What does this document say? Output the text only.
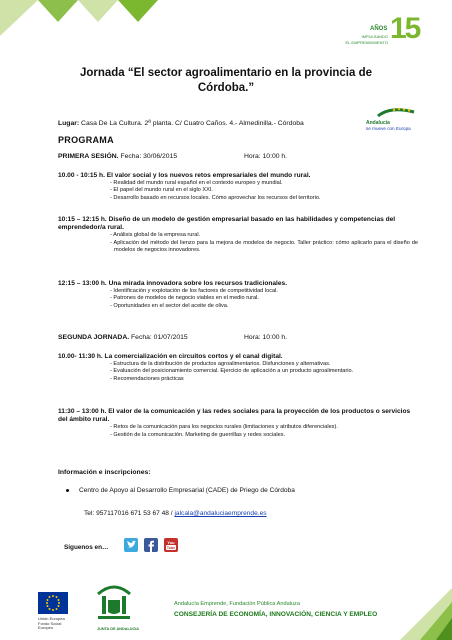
15
AÑOS
IMPULSANDO
EL EMPRENDIMIENTO
Jornada “El sector agroalimentario en la provincia de
Córdoba.”
Lugar: Casa De La Cultura. 2ª planta. C/ Cuatro Caños. 4.- Almedinilla.- Córdoba	Andalucía
se mueve con Europa
PROGRAMA
PRIMERA SESIÓN. Fecha: 30/06/2015	Hora: 10:00 h.
10.00 - 10:15 h. El valor social y los nuevos retos empresariales del mundo rural.
- Realidad del mundo rural español en el contexto europeo y mundial.
- El papel del mundo rural en el siglo XXI.
- Desarrollo basado en recursos locales. Cómo aprovechar los recursos del territorio.
10:15 – 12:15 h. Diseño de un modelo de gestión empresarial basado en las habilidades y competencias del emprendedor/a rural.
- Análisis global de la empresa rural.
- Aplicación del método del lienzo para la mejora de modelos de negocio. Taller práctico: cómo aplicarlo para el diseño de modelos de negocios innovadores.
12:15 – 13:00 h. Una mirada innovadora sobre los recursos tradicionales.
- Identificación y explotación de los factores de competitividad local.
- Patrones de modelos de negocio viables en el medio rural.
- Oportunidades en el sector del aceite de oliva.
SEGUNDA JORNADA. Fecha: 01/07/2015	Hora: 10:00 h.
10.00- 11:30 h. La comercialización en circuitos cortos y el canal digital.
- Estructura de la distribución de productos agroalimentarios. Disfunciones y alternativas.
- Evaluación del posicionamiento comercial. Ejercicio de aplicación a un producto agroalimentario.
- Recomendaciones prácticas
11:30 – 13:00 h. El valor de la comunicación y las redes sociales para la proyección de los productos o servicios del ámbito rural.
- Retos de la comunicación para los negocios rurales (limitaciones y atributos diferenciales).
- Gestión de la comunicación. Marketing de guerrillas y redes sociales.
Información e inscripciones:
Centro de Apoyo al Desarrollo Empresarial (CADE) de Priego de Córdoba
Tel: 957117016 671 53 67 48 / jalcala@andaluciaemprende.es
Síguenos en…
You
Tube
Unión Europea
Fondo Social Europeo	JUNTA DE ANDALUCIA
Andalucía Emprende, Fundación Pública Andaluza
CONSEJERÍA DE ECONOMÍA, INNOVACIÓN, CIENCIA Y EMPLEO
